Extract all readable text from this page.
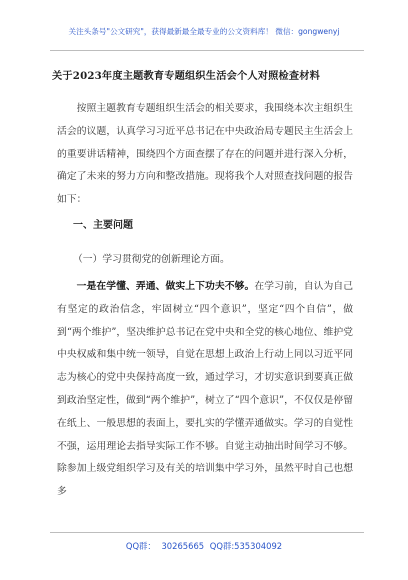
关注头条号"公文研究"，获得最新最全最专业的公文资料库！ 微信：gongwenyj
关于2023年度主题教育专题组织生活会个人对照检查材料
按照主题教育专题组织生活会的相关要求，我围绕本次主组织生活会的议题，认真学习习近平总书记在中央政治局专题民主生活会上的重要讲话精神，围绕四个方面查摆了存在的问题并进行深入分析，确定了未来的努力方向和整改措施。现将我个人对照查找问题的报告如下：
一、主要问题
（一）学习贯彻党的创新理论方面。
一是在学懂、弄通、做实上下功夫不够。在学习前，自认为自己有坚定的政治信念，牢固树立“四个意识”，坚定“四个自信”，做到“两个维护”，坚决维护总书记在党中央和全党的核心地位、维护党中央权威和集中统一领导，自觉在思想上政治上行动上同以习近平同志为核心的党中央保持高度一致，通过学习，才切实意识到要真正做到政治坚定性，做到“两个维护”，树立了“四个意识”，不仅仅是停留在纸上、一般思想的表面上，要扎实的学懂弄通做实。学习的自觉性不强，运用理论去指导实际工作不够。自觉主动抽出时间学习不够。除参加上级党组织学习及有关的培训集中学习外，虽然平时自己也想多
QQ群： 30265665 QQ群:535304092
